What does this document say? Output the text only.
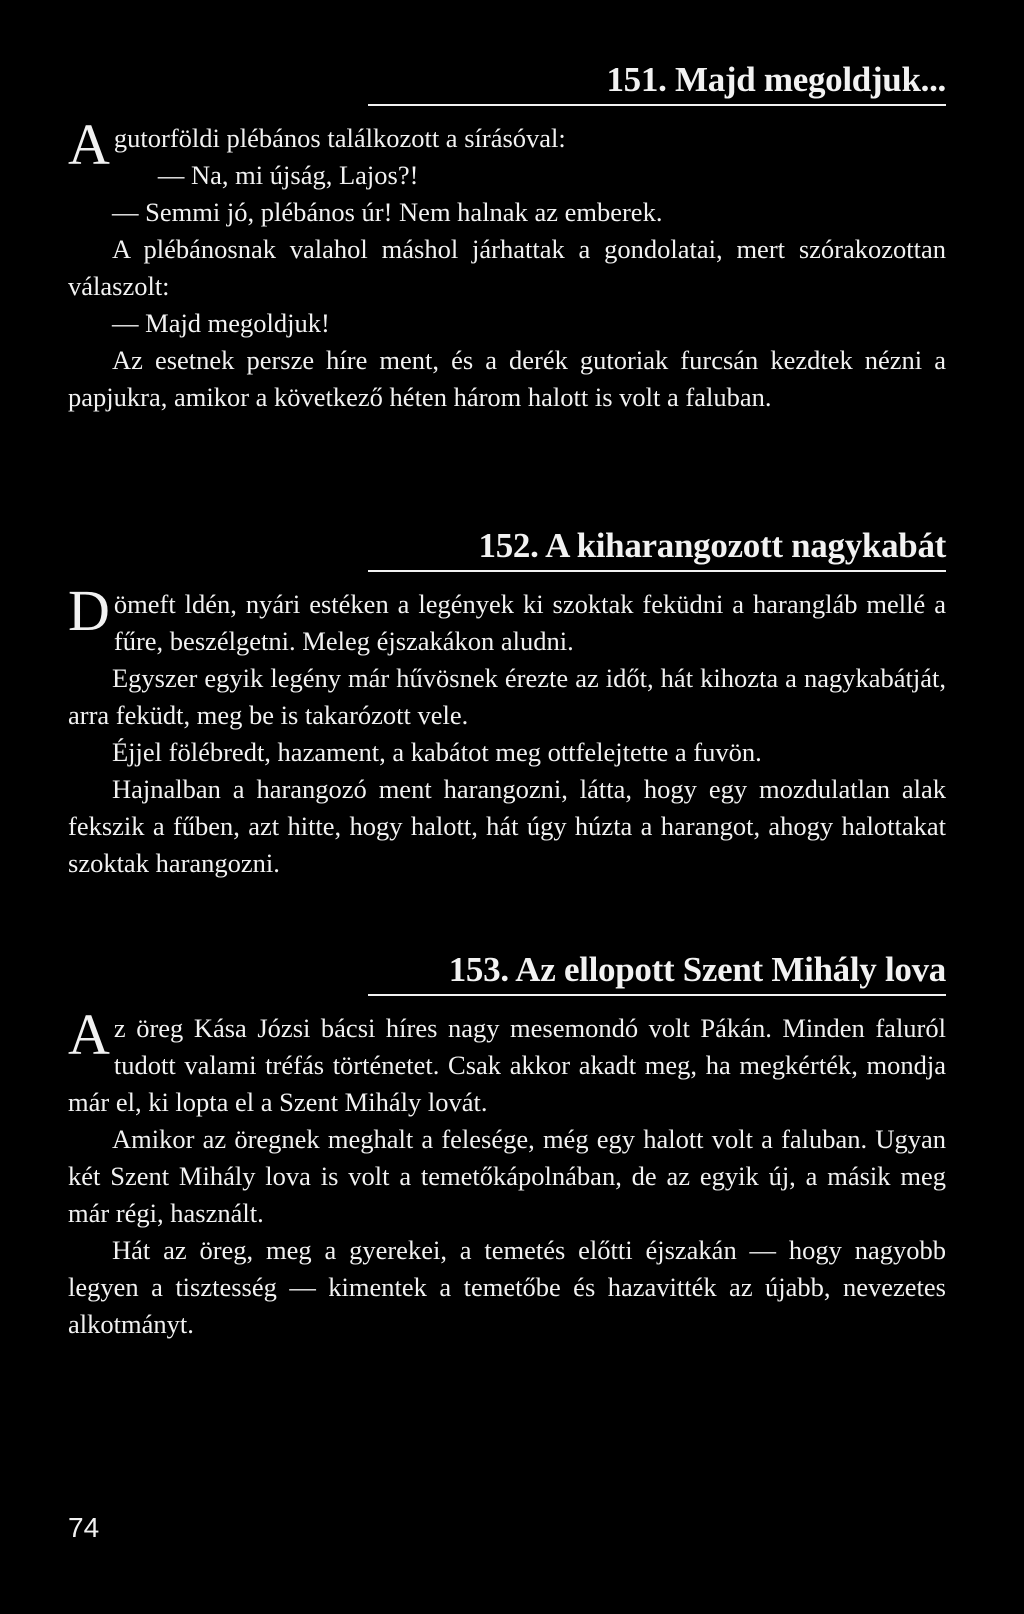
151. Majd megoldjuk...

A gutorföldi plébános találkozott a sírásóval:

— Na, mi újság, Lajos?!

— Semmi jó, plébános úr! Nem halnak az emberek.

A plébánosnak valahol máshol járhattak a gondolatai, mert szórakozottan válaszolt:

— Majd megoldjuk!

Az esetnek persze híre ment, és a derék gutoriak furcsán kezdtek nézni a papjukra, amikor a következő héten három halott is volt a faluban.

152. A kiharangozott nagykabát

D ömeft ldén, nyári estéken a legények ki szoktak feküdni a harangláb mellé a fűre, beszélgetni. Meleg éjszakákon aludni.

Egyszer egyik legény már hűvösnek érezte az időt, hát kihozta a nagykabátját, arra feküdt, meg be is takarózott vele.

Éjjel fölébredt, hazament, a kabátot meg ottfelejtette a fuvön.

Hajnalban a harangozó ment harangozni, látta, hogy egy mozdulatlan alak fekszik a fűben, azt hitte, hogy halott, hát úgy húzta a harangot, ahogy halottakat szoktak harangozni.

153. Az ellopott Szent Mihály lova

A z öreg Kása Józsi bácsi híres nagy mesemondó volt Pákán. Minden faluról tudott valami tréfás történetet. Csak akkor akadt meg, ha megkérték, mondja már el, ki lopta el a Szent Mihály lovát.

Amikor az öregnek meghalt a felesége, még egy halott volt a faluban. Ugyan két Szent Mihály lova is volt a temetőkápolnában, de az egyik új, a másik meg már régi, használt.

Hát az öreg, meg a gyerekei, a temetés előtti éjszakán — hogy nagyobb legyen a tisztesség — kimentek a temetőbe és hazavitték az újabb, nevezetes alkotmányt.

74
